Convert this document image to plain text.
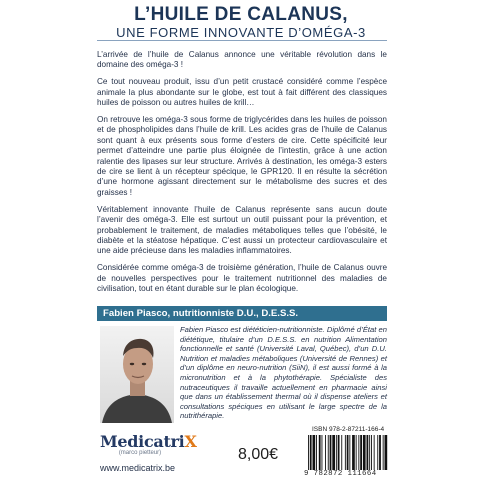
L’HUILE DE CALANUS,
UNE FORME INNOVANTE D’OMÉGA-3

L’arrivée de l’huile de Calanus annonce une véritable révolution dans le domaine des oméga-3 !

Ce tout nouveau produit, issu d’un petit crustacé considéré comme l’espèce animale la plus abondante sur le globe, est tout à fait différent des classiques huiles de poisson ou autres huiles de krill…

On retrouve les oméga-3 sous forme de triglycérides dans les huiles de poisson et de phospholipides dans l’huile de krill. Les acides gras de l’huile de Calanus sont quant à eux présents sous forme d’esters de cire. Cette spécificité leur permet d’atteindre une partie plus éloignée de l’intestin, grâce à une action ralentie des lipases sur leur structure. Arrivés à destination, les oméga-3 esters de cire se lient à un récepteur spécique, le GPR120. Il en résulte la sécrétion d’une hormone agissant directement sur le métabolisme des sucres et des graisses !

Véritablement innovante l’huile de Calanus représente sans aucun doute l’avenir des oméga-3. Elle est surtout un outil puissant pour la prévention, et probablement le traitement, de maladies métaboliques telles que l’obésité, le diabète et la stéatose hépatique. C’est aussi un protecteur cardiovasculaire et une aide précieuse dans les maladies inflammatoires.

Considérée comme oméga-3 de troisième génération, l’huile de Calanus ouvre de nouvelles perspectives pour le traitement nutritionnel des maladies de civilisation, tout en étant durable sur le plan écologique.

Fabien Piasco, nutritionniste D.U., D.E.S.S.
Fabien Piasco est diététicien-nutritionniste. Diplômé d’État en diététique, titulaire d’un D.E.S.S. en nutrition Alimentation fonctionnelle et santé (Université Laval, Québec), d’un D.U. Nutrition et maladies métaboliques (Université de Rennes) et d’un diplôme en neuro-nutrition (SiiN), il est aussi formé à la micronutrition et à la phytothérapie. Spécialiste des nutraceutiques il travaille actuellement en pharmacie ainsi que dans un établissement thermal où il dispense ateliers et consultations spéciques en utilisant le large spectre de la nutrithérapie.
MedicatriX
(marco pietteur)
www.medicatrix.be
8,00€
ISBN 978-2-87211-166-4
9 782872 111664
